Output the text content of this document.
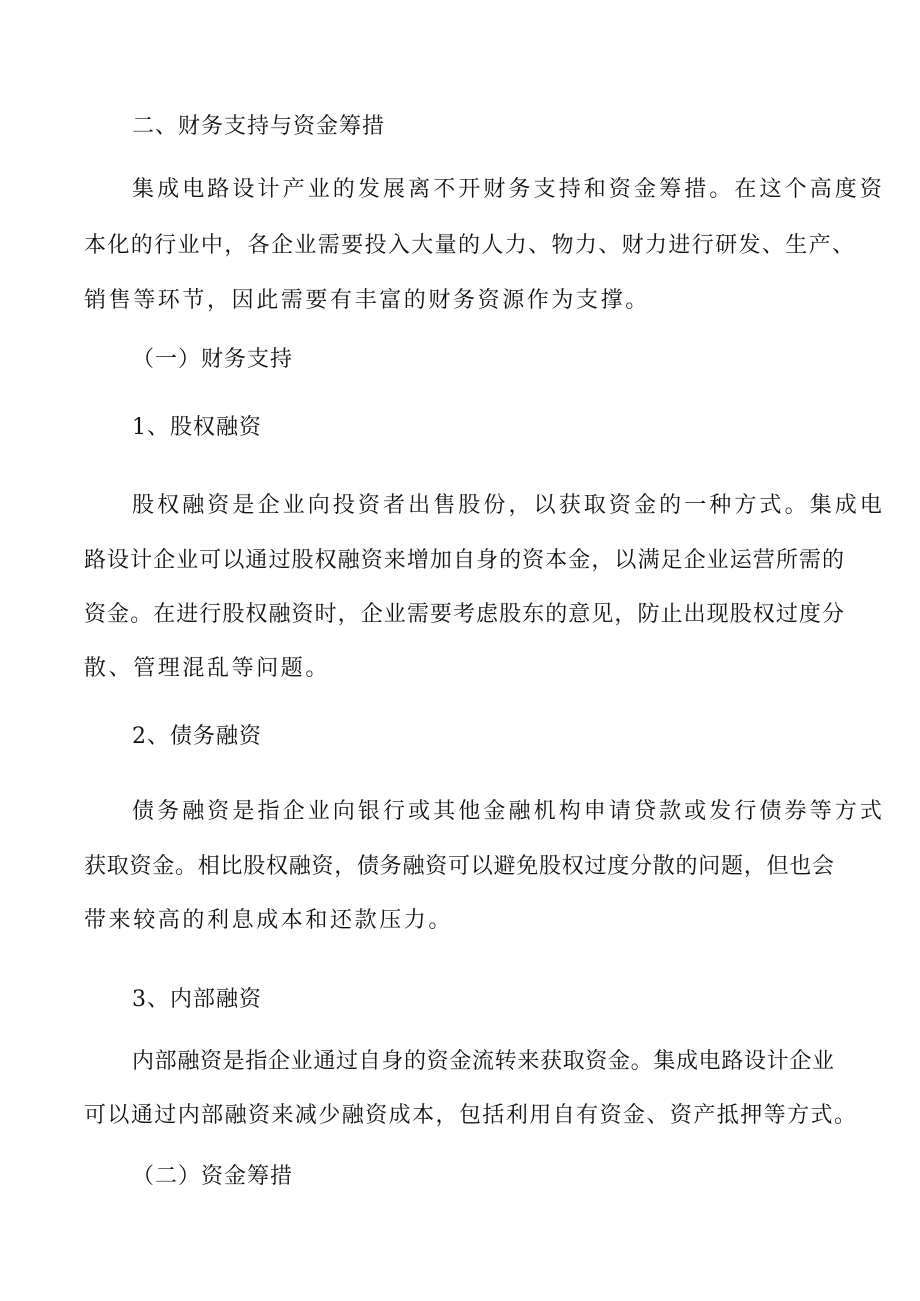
二、财务支持与资金筹措
集成电路设计产业的发展离不开财务支持和资金筹措。在这个高度资
本化的行业中，各企业需要投入大量的人力、物力、财力进行研发、生产、
销售等环节，因此需要有丰富的财务资源作为支撑。
（一）财务支持
1、股权融资
股权融资是企业向投资者出售股份，以获取资金的一种方式。集成电
路设计企业可以通过股权融资来增加自身的资本金，以满足企业运营所需的
资金。在进行股权融资时，企业需要考虑股东的意见，防止出现股权过度分
散、管理混乱等问题。
2、债务融资
债务融资是指企业向银行或其他金融机构申请贷款或发行债券等方式
获取资金。相比股权融资，债务融资可以避免股权过度分散的问题，但也会
带来较高的利息成本和还款压力。
3、内部融资
内部融资是指企业通过自身的资金流转来获取资金。集成电路设计企业
可以通过内部融资来减少融资成本，包括利用自有资金、资产抵押等方式。
（二）资金筹措
